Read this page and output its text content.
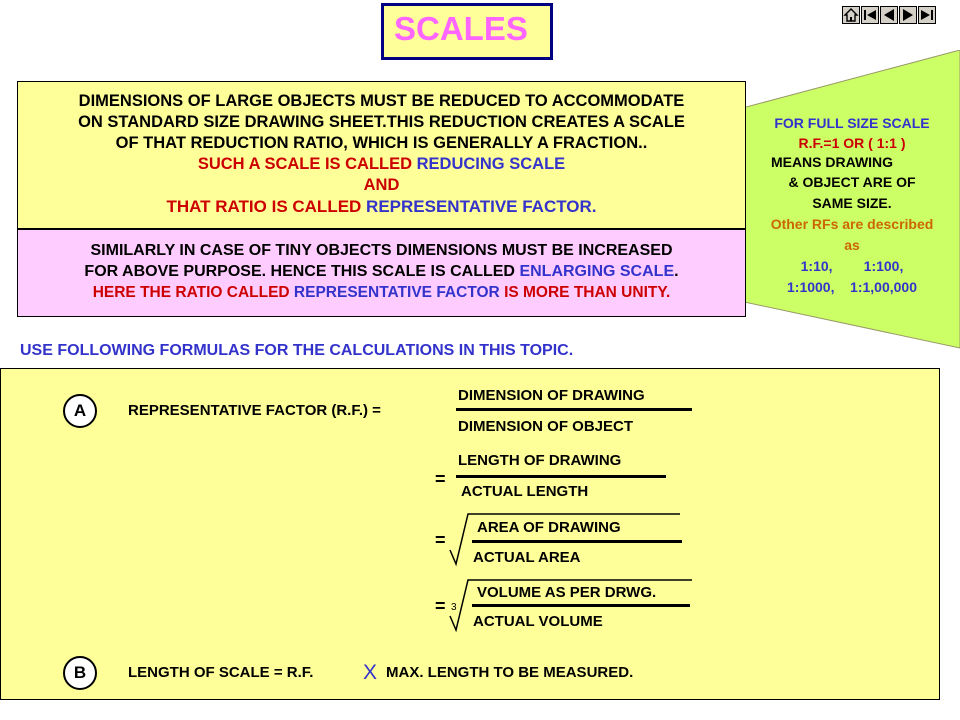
SCALES
FOR FULL SIZE SCALE
R.F.=1 OR ( 1:1 )
MEANS DRAWING
& OBJECT ARE OF
SAME SIZE.
Other RFs are described
as
1:10,        1:100,
1:1000,    1:1,00,000
DIMENSIONS OF LARGE OBJECTS MUST BE REDUCED TO ACCOMMODATE
ON STANDARD SIZE DRAWING SHEET.THIS REDUCTION CREATES A SCALE
OF THAT REDUCTION RATIO, WHICH IS GENERALLY A FRACTION..
SUCH A SCALE IS CALLED REDUCING SCALE
AND
THAT RATIO IS CALLED REPRESENTATIVE FACTOR.
SIMILARLY IN CASE OF TINY OBJECTS DIMENSIONS MUST BE INCREASED
FOR ABOVE PURPOSE. HENCE THIS SCALE IS CALLED ENLARGING SCALE.
HERE THE RATIO CALLED REPRESENTATIVE FACTOR IS MORE THAN UNITY.
USE FOLLOWING FORMULAS FOR THE CALCULATIONS IN THIS TOPIC.
A	REPRESENTATIVE FACTOR (R.F.) =
DIMENSION OF DRAWING
DIMENSION OF OBJECT
LENGTH OF DRAWING
=
ACTUAL LENGTH
=
AREA OF DRAWING
ACTUAL AREA
= 3
VOLUME AS PER DRWG.
ACTUAL VOLUME
B	LENGTH OF SCALE = R.F. X MAX. LENGTH TO BE MEASURED.
